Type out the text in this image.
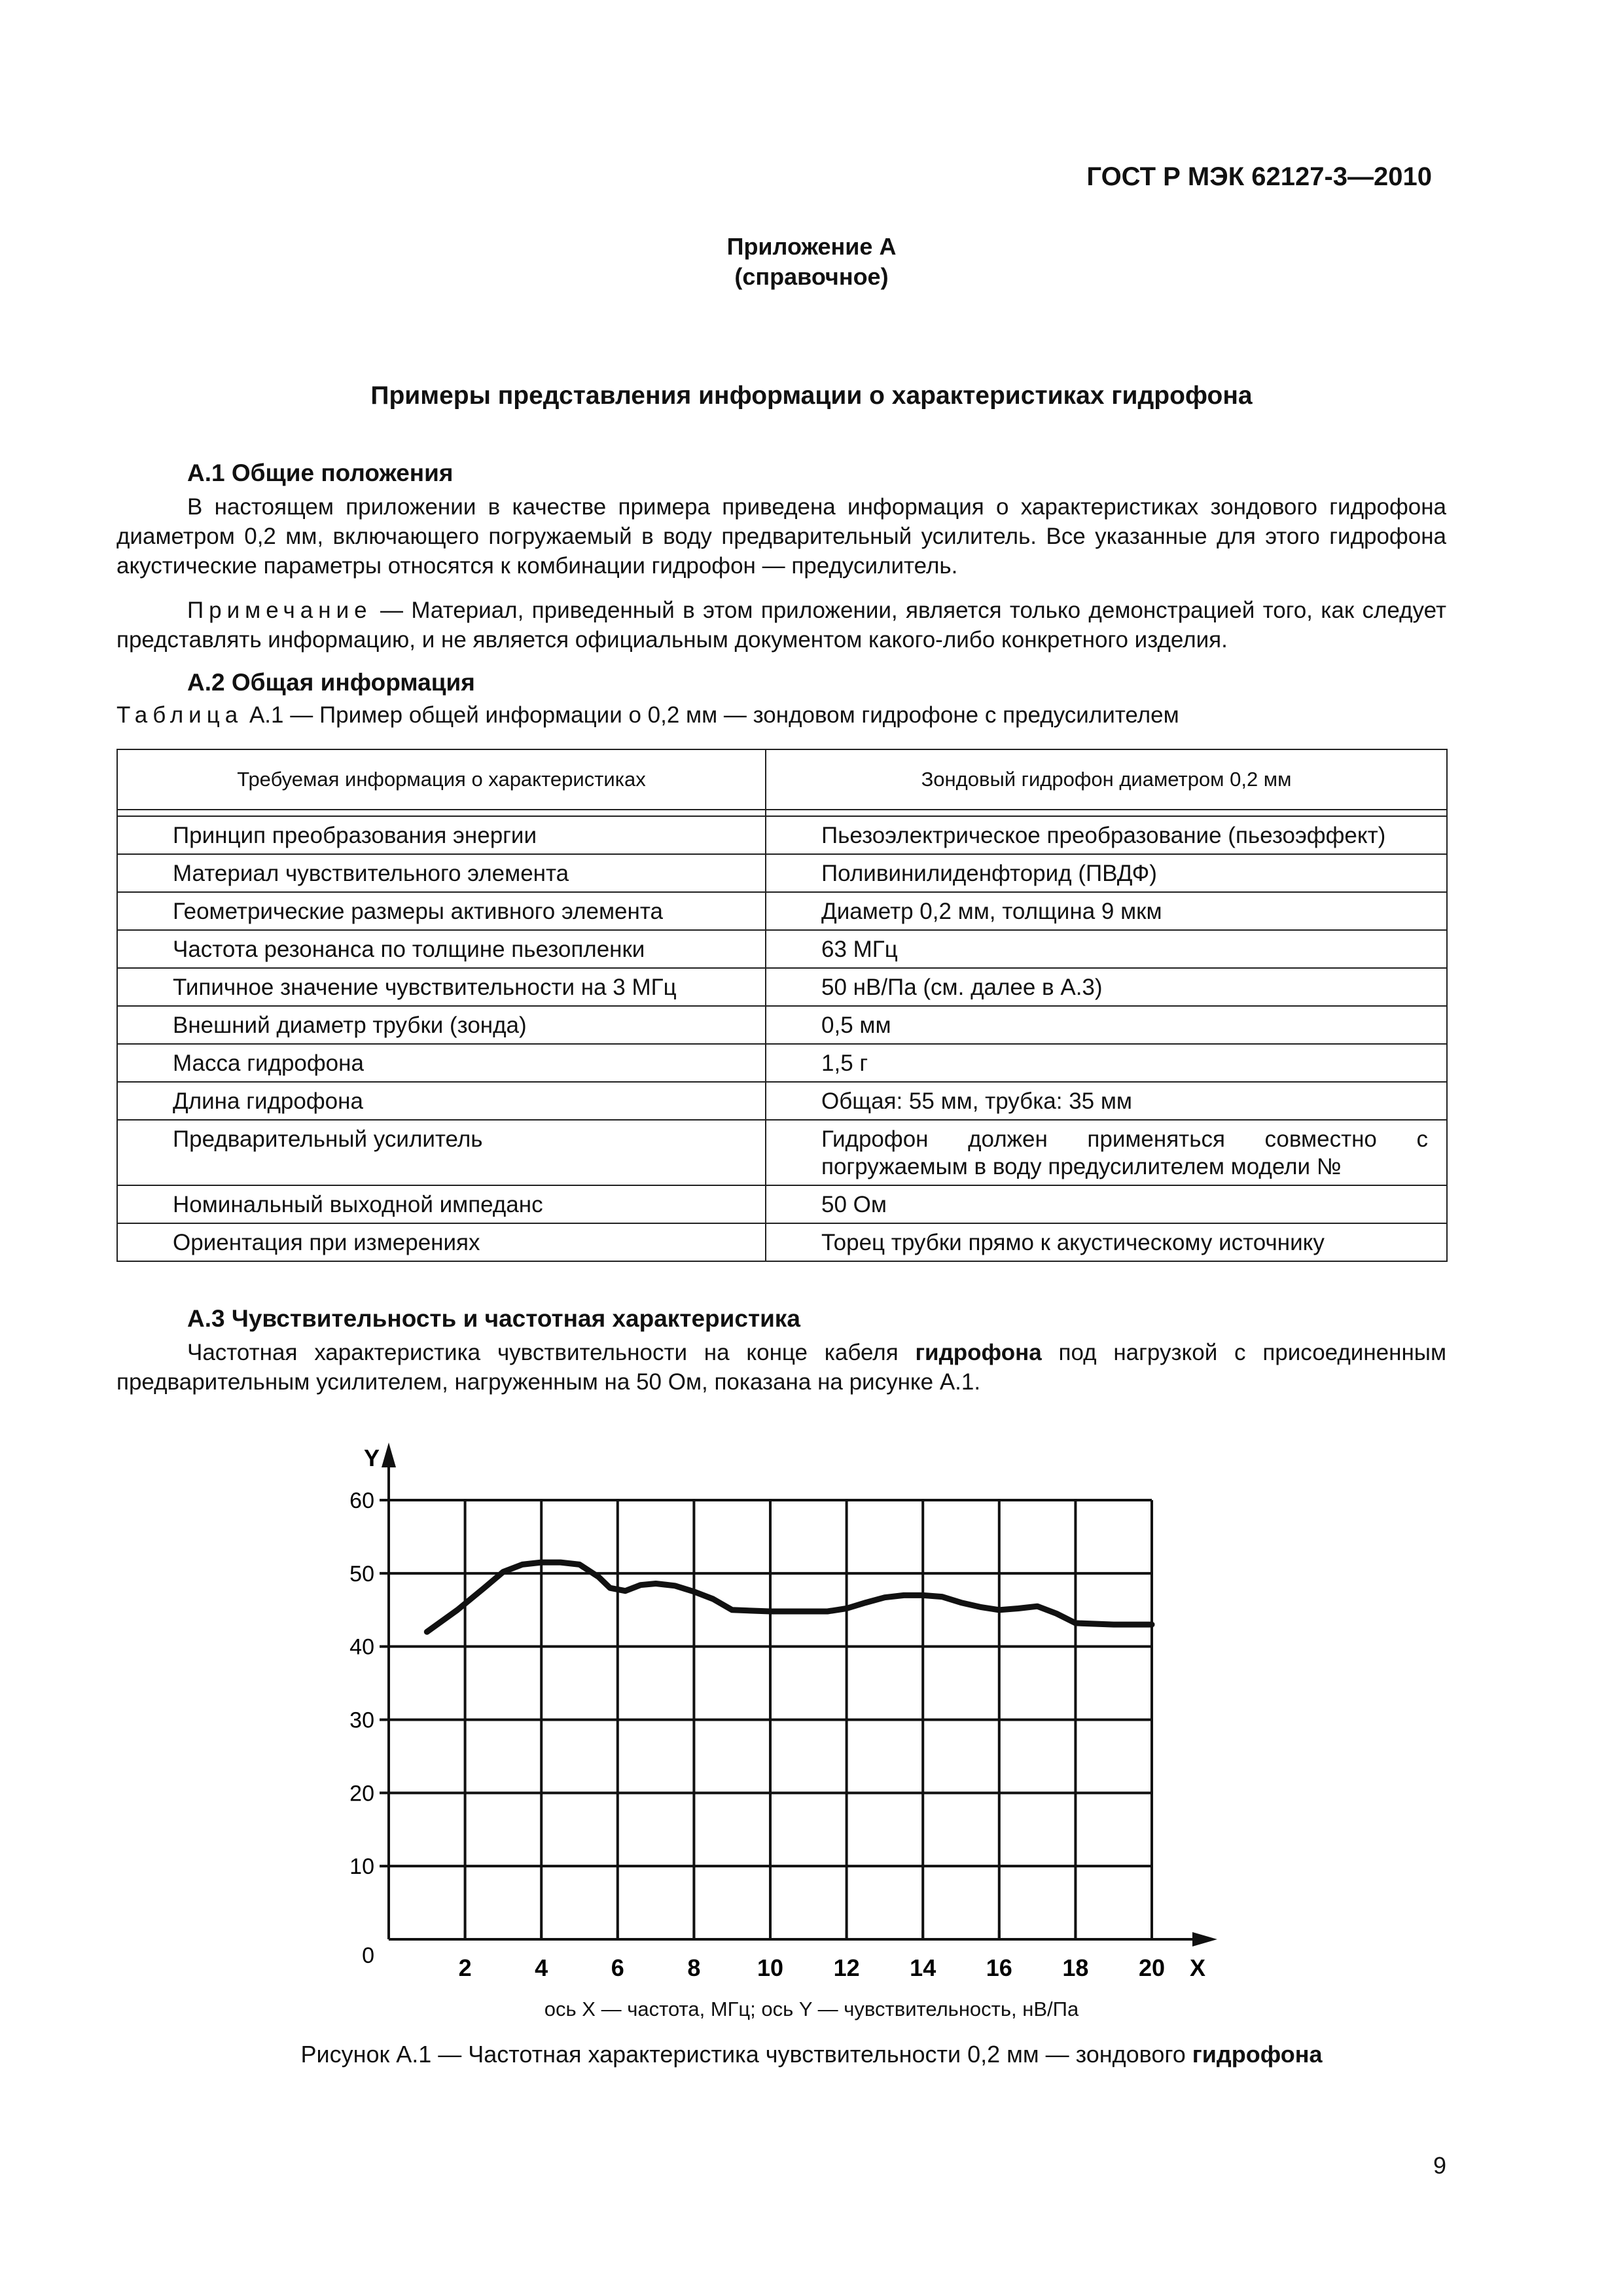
ГОСТ Р МЭК 62127-3—2010
Приложение А
(справочное)
Примеры представления информации о характеристиках гидрофона
А.1 Общие положения
В настоящем приложении в качестве примера приведена информация о характеристиках зондового гидрофона диаметром 0,2 мм, включающего погружаемый в воду предварительный усилитель. Все указанные для этого гидрофона акустические параметры относятся к комбинации гидрофон — предусилитель.
Примечание — Материал, приведенный в этом приложении, является только демонстрацией того, как следует представлять информацию, и не является официальным документом какого-либо конкретного изделия.
А.2 Общая информация
Таблица А.1 — Пример общей информации о 0,2 мм — зондовом гидрофоне с предусилителем
Требуемая информация о характеристиках	Зондовый гидрофон диаметром 0,2 мм

Принцип преобразования энергии	Пьезоэлектрическое преобразование (пьезоэффект)
Материал чувствительного элемента	Поливинилиденфторид (ПВДФ)
Геометрические размеры активного элемента	Диаметр 0,2 мм, толщина 9 мкм
Частота резонанса по толщине пьезопленки	63 МГц
Типичное значение чувствительности на 3 МГц	50 нВ/Па (см. далее в А.3)
Внешний диаметр трубки (зонда)	0,5 мм
Масса гидрофона	1,5 г
Длина гидрофона	Общая: 55 мм, трубка: 35 мм
Предварительный усилитель	Гидрофон должен применяться совместно с погружаемым в воду предусилителем модели №
Номинальный выходной импеданс	50 Ом
Ориентация при измерениях	Торец трубки прямо к акустическому источнику
А.3 Чувствительность и частотная характеристика
Частотная характеристика чувствительности на конце кабеля гидрофона под нагрузкой с присоединенным предварительным усилителем, нагруженным на 50 Ом, показана на рисунке А.1.
2	4	6	8 10 12 14 16 18 20
0
10
20
30
40
50
60
X
Y
ось X — частота, МГц; ось Y — чувствительность, нВ/Па
Рисунок А.1 — Частотная характеристика чувствительности 0,2 мм — зондового гидрофона
9
